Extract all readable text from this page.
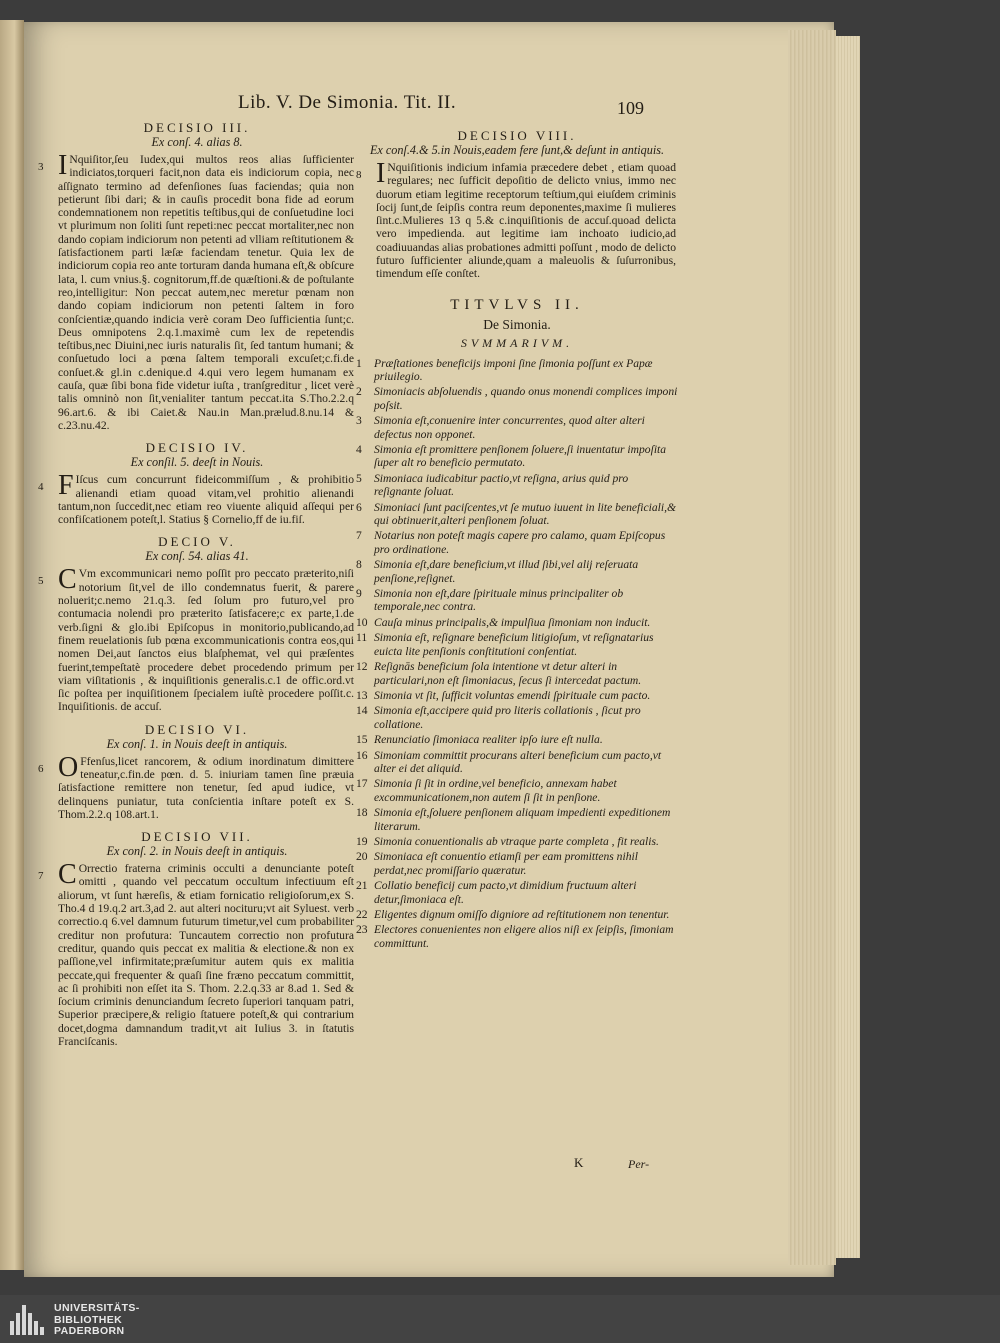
Lib. V. De Simonia. Tit. II.	109
DECISIO III.
Ex conſ. 4. alias 8.
3 I Nquiſitor,ſeu Iudex,qui multos reos alias ſufficienter indiciatos,torqueri facit,non data eis indiciorum copia, nec aſſignato termino ad defenſiones ſuas faciendas; quia non petierunt ſibi dari; & in cauſis procedit bona fide ad eorum condemnationem non repetitis teſtibus,qui de conſuetudine loci vt plurimum non ſoliti ſunt repeti:nec peccat mortaliter,nec non dando copiam indiciorum non petenti ad vlliam reſtitutionem & ſatisfactionem parti læſæ faciendam tenetur. Quia lex de indiciorum copia reo ante torturam danda humana eſt,& obſcure lata, l. cum vnius.§. cognitorum,ff.de quæſtioni.& de poſtulante reo,intelligitur: Non peccat autem,nec meretur pœnam non dando copiam indiciorum non petenti ſaltem in foro conſcientiæ,quando indicia verè coram Deo ſufficientia ſunt;c. Deus omnipotens 2.q.1.maximè cum lex de repetendis teſtibus,nec Diuini,nec iuris naturalis ſit, ſed tantum humani; & conſuetudo loci a pœna ſaltem temporali excuſet;c.fi.de conſuet.& gl.in c.denique.d 4.qui vero legem humanam ex cauſa, quæ ſibi bona fide videtur iuſta , tranſgreditur , licet verè talis omninò non ſit,venialiter tantum peccat.ita S.Tho.2.2.q 96.art.6. & ibi Caiet.& Nau.in Man.prælud.8.nu.14 & c.23.nu.42.
DECISIO IV.
Ex conſil. 5. deeſt in Nouis.
4 F Iſcus cum concurrunt fideicommiſſum , & prohibitio alienandi etiam quoad vitam,vel prohitio alienandi tantum,non ſuccedit,nec etiam reo viuente aliquid aſſequi per confiſcationem poteſt,l. Statius § Cornelio,ff de iu.fiſ.
DECIO V.
Ex conſ. 54. alias 41.
5 C Vm excommunicari nemo poſſit pro peccato præterito,niſi notorium ſit,vel de illo condemnatus fuerit, & parere noluerit;c.nemo 21.q.3. ſed ſolum pro futuro,vel pro contumacia nolendi pro præterito ſatisfacere;c ex parte,1.de verb.ſigni & glo.ibi Epiſcopus in monitorio,publicando,ad finem reuelationis ſub pœna excommunicationis contra eos,qui nomen Dei,aut ſanctos eius blaſphemat, vel qui præſentes fuerint,tempeſtatè procedere debet procedendo primum per viam viſitationis , & inquiſitionis generalis.c.1 de offic.ord.vt ſic poſtea per inquiſitionem ſpecialem iuſtè procedere poſſit.c. Inquiſitionis. de accuſ.
DECISIO VI.
Ex conſ. 1. in Nouis deeſt in antiquis.
6 O Ffenſus,licet rancorem, & odium inordinatum dimittere teneatur,c.fin.de pœn. d. 5. iniuriam tamen ſine præuia ſatisfactione remittere non tenetur, ſed apud iudice, vt delinquens puniatur, tuta conſcientia inſtare poteſt ex S. Thom.2.2.q 108.art.1.
DECISIO VII.
Ex conſ. 2. in Nouis deeſt in antiquis.
7 C Orrectio fraterna criminis occulti a denunciante poteſt omitti , quando vel peccatum occultum infectiuum eſt aliorum, vt ſunt hæreſis, & etiam fornicatio religioſorum,ex S. Tho.4 d 19.q.2 art.3,ad 2. aut alteri nocituru;vt ait Syluest. verb correctio.q 6.vel damnum futurum timetur,vel cum probabiliter creditur non profutura: Tuncautem correctio non profutura creditur, quando quis peccat ex malitia & electione.& non ex paſſione,vel infirmitate;præſumitur autem quis ex malitia peccate,qui frequenter & quaſi ſine fræno peccatum committit, ac ſi prohibiti non eſſet ita S. Thom. 2.2.q.33 ar 8.ad 1. Sed & ſocium criminis denunciandum ſecreto ſuperiori tanquam patri, Superior præcipere,& religio ſtatuere poteſt,& qui contrarium docet,dogma damnandum tradit,vt ait Iulius 3. in ſtatutis Franciſcanis.
DECISIO VIII.
Ex conſ.4.& 5.in Nouis,eadem fere ſunt,& deſunt in antiquis.
8 I Nquiſitionis indicium infamia præcedere debet , etiam quoad regulares; nec ſufficit depoſitio de delicto vnius, immo nec duorum etiam legitime receptorum teſtium,qui eiuſdem criminis ſocij ſunt,de ſeipſis contra reum deponentes,maxime ſi mulieres ſint.c.Mulieres 13 q 5.& c.inquiſitionis de accuſ.quoad delicta vero impedienda. aut legitime iam inchoato iudicio,ad coadiuuandas alias probationes admitti poſſunt , modo de delicto futuro ſufficienter aliunde,quam a maleuolis & ſuſurronibus, timendum eſſe conſtet.
TITVLVS II.
De Simonia.
SVMMARIVM.
1	Præſtationes beneficijs imponi ſine ſimonia poſſunt ex Papæ priuilegio.
2	Simoniacis abſoluendis , quando onus monendi complices imponi poſsit.
3	Simonia eſt,conuenire inter concurrentes, quod alter alteri defectus non opponet.
4	Simonia eſt promittere penſionem ſoluere,ſi inuentatur impoſita ſuper alt ro beneficio permutato.
5	Simoniaca iudicabitur pactio,vt reſigna, arius quid pro reſignante ſoluat.
6	Simoniaci ſunt paciſcentes,vt ſe mutuo iuuent in lite beneficiali,& qui obtinuerit,alteri penſionem ſoluat.
7	Notarius non poteſt magis capere pro calamo, quam Epiſcopus pro ordinatione.
8	Simonia eſt,dare beneficium,vt illud ſibi,vel alij reſeruata penſione,reſignet.
9	Simonia non eſt,dare ſpirituale minus principaliter ob temporale,nec contra.
10 Cauſa minus principalis,& impulſiua ſimoniam non inducit.
11 Simonia eſt, reſignare beneficium litigioſum, vt reſignatarius euicta lite penſionis conſtitutioni conſentiat.
12 Reſignās beneficium ſola intentione vt detur alteri in particulari,non eſt ſimoniacus, ſecus ſi intercedat pactum.
13 Simonia vt ſit, ſufficit voluntas emendi ſpirituale cum pacto.
14 Simonia eſt,accipere quid pro literis collationis , ſicut pro collatione.
15 Renunciatio ſimoniaca realiter ipſo iure eſt nulla.
16 Simoniam committit procurans alteri beneficium cum pacto,vt alter ei det aliquid.
17 Simonia ſi ſit in ordine,vel beneficio, annexam habet excommunicationem,non autem ſi ſit in penſione.
18 Simonia eſt,ſoluere penſionem aliquam impedienti expeditionem literarum.
19 Simonia conuentionalis ab vtraque parte completa , fit realis.
20 Simoniaca eſt conuentio etiamſi per eam promittens nihil perdat,nec promiſſario quæratur.
21 Collatio beneficij cum pacto,vt dimidium fructuum alteri detur,ſimoniaca eſt.
22 Eligentes dignum omiſſo digniore ad reſtitutionem non tenentur.
23 Electores conuenientes non eligere alios niſi ex ſeipſis, ſimoniam committunt.
K	Per-
UNIVERSITÄTS-
BIBLIOTHEK
PADERBORN
